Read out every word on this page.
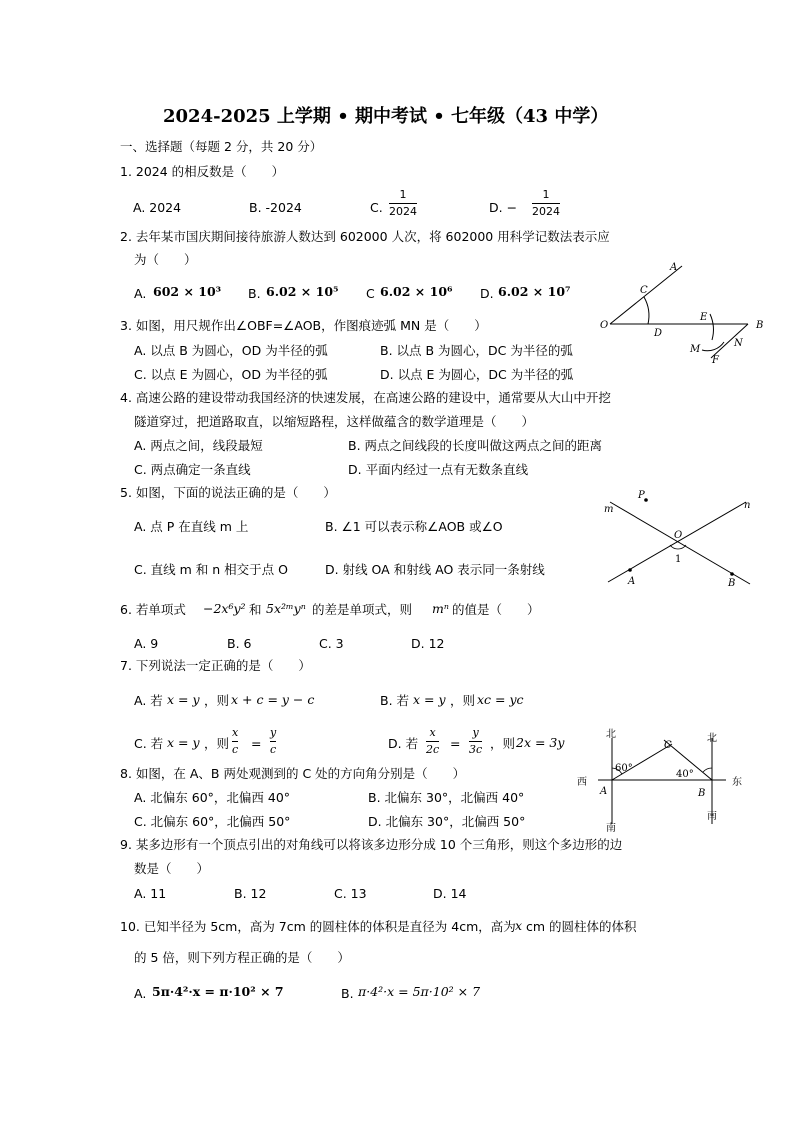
2024-2025 上学期 • 期中考试 • 七年级（43 中学）
一、选择题（每题 2 分，共 20 分）
1. 2024 的相反数是（　　）
A. 2024	B. -2024	C.
1
2024	D. −
1
2024
2. 去年某市国庆期间接待旅游人数达到 602000 人次，将 602000 用科学记数法表示应
为（　　）
A. 602 × 10³ B. 6.02 × 10⁵ C 6.02 × 10⁶ D. 6.02 × 10⁷
A
C
O
D
E
B
M
N
F
3. 如图，用尺规作出∠OBF=∠AOB，作图痕迹弧 MN 是（　　）
A. 以点 B 为圆心，OD 为半径的弧	B. 以点 B 为圆心，DC 为半径的弧
C. 以点 E 为圆心，OD 为半径的弧	D. 以点 E 为圆心，DC 为半径的弧
4. 高速公路的建设带动我国经济的快速发展，在高速公路的建设中，通常要从大山中开挖
隧道穿过，把道路取直，以缩短路程，这样做蕴含的数学道理是（　　）
A. 两点之间，线段最短	B. 两点之间线段的长度叫做这两点之间的距离
C. 两点确定一条直线	D. 平面内经过一点有无数条直线
P
m	n
O
1
A	B
5. 如图，下面的说法正确的是（　　）
A. 点 P 在直线 m 上	B. ∠1 可以表示称∠AOB 或∠O
C. 直线 m 和 n 相交于点 O	D. 射线 OA 和射线 AO 表示同一条射线
6. 若单项式 −2x⁶y² 和 5x²ᵐyⁿ 的差是单项式，则 mⁿ 的值是（　　）
A. 9	B. 6	C. 3	D. 12
7. 下列说法一定正确的是（　　）
A. 若 x = y ，则 x + c = y − c	B. 若 x = y ，则 xc = yc
C. 若 x = y ，则
x
c =
y
c	D. 若
x
2c =
y
3c ，则 2x = 3y
北	北
西	东
南
南
A	B
C
60°
40°
8. 如图，在 A、B 两处观测到的 C 处的方向角分别是（　　）
A. 北偏东 60°，北偏西 40°	B. 北偏东 30°，北偏西 40°
C. 北偏东 60°，北偏西 50°	D. 北偏东 30°，北偏西 50°
9. 某多边形有一个顶点引出的对角线可以将该多边形分成 10 个三角形，则这个多边形的边
数是（　　）
A. 11	B. 12	C. 13	D. 14
10. 已知半径为 5cm，高为 7cm 的圆柱体的体积是直径为 4cm，高为 x cm 的圆柱体的体积
的 5 倍，则下列方程正确的是（　　）
A. 5π·4²·x = π·10² × 7	B. π·4²·x = 5π·10² × 7
